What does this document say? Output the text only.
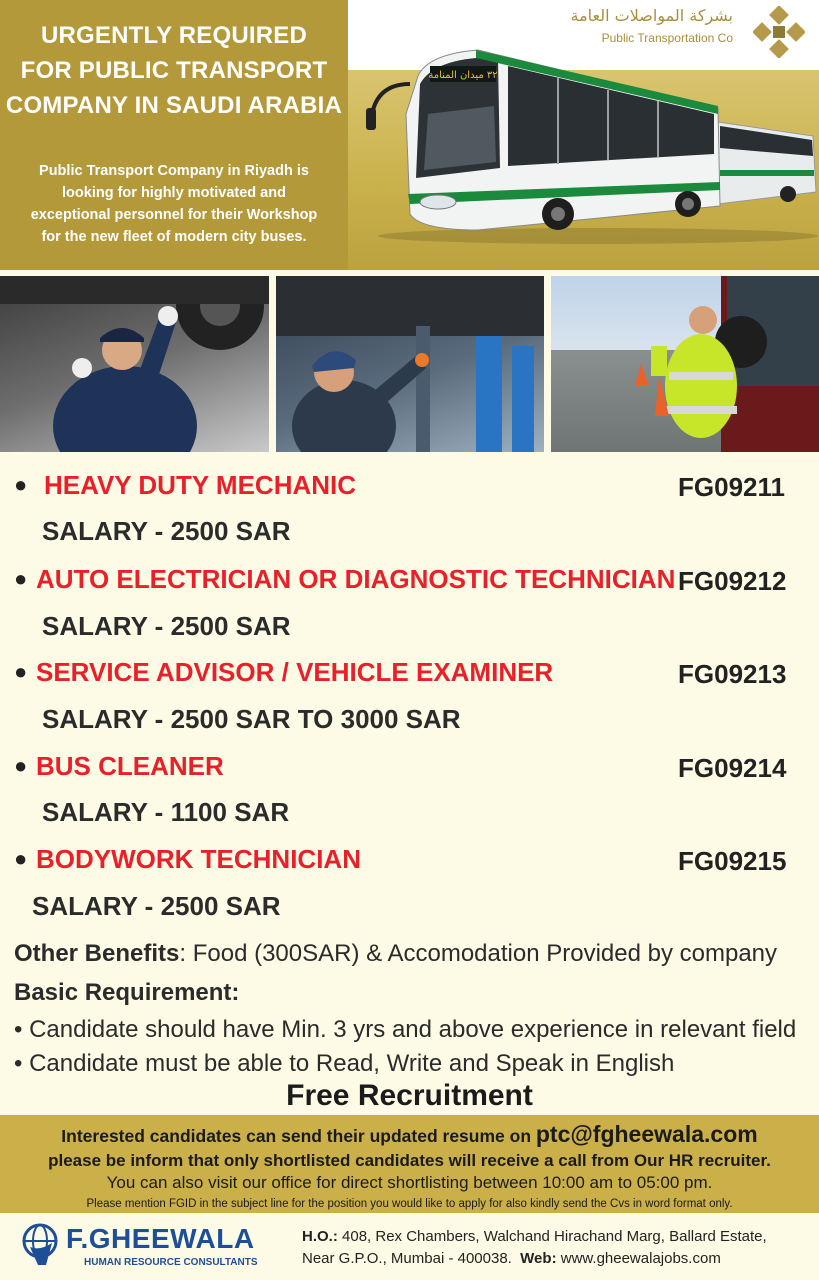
URGENTLY REQUIRED
FOR PUBLIC TRANSPORT
COMPANY IN SAUDI ARABIA
Public Transport Company in Riyadh is
looking for highly motivated and
exceptional personnel for their Workshop
for the new fleet of modern city buses.
بشركة المواصلات العامة
Public Transportation Co
٣٢ ميدان المنامة
● HEAVY DUTY MECHANIC	FG09211
SALARY - 2500 SAR
● AUTO ELECTRICIAN OR DIAGNOSTIC TECHNICIAN FG09212
SALARY - 2500 SAR
● SERVICE ADVISOR / VEHICLE EXAMINER	FG09213
SALARY - 2500 SAR TO 3000 SAR
● BUS CLEANER	FG09214
SALARY - 1100 SAR
● BODYWORK TECHNICIAN	FG09215
SALARY - 2500 SAR
Other Benefits: Food (300SAR) & Accomodation Provided by company
Basic Requirement:
• Candidate should have Min. 3 yrs and above experience in relevant field
• Candidate must be able to Read, Write and Speak in English
Free Recruitment
Interested candidates can send their updated resume on ptc@fgheewala.com
please be inform that only shortlisted candidates will receive a call from Our HR recruiter.
You can also visit our office for direct shortlisting between 10:00 am to 05:00 pm.
Please mention FGID in the subject line for the position you would like to apply for also kindly send the Cvs in word format only.
F.GHEEWALA
HUMAN RESOURCE CONSULTANTS
H.O.: 408, Rex Chambers, Walchand Hirachand Marg, Ballard Estate,
Near G.P.O., Mumbai - 400038. Web: www.gheewalajobs.com
